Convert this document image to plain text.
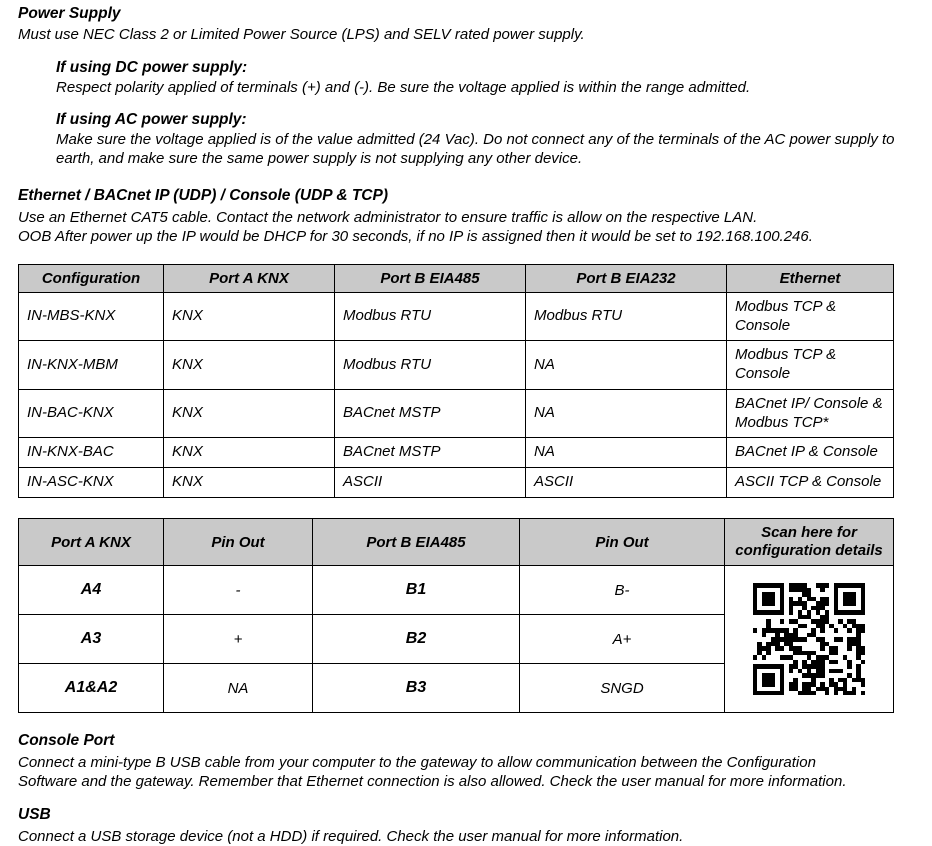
Power Supply
Must use NEC Class 2 or Limited Power Source (LPS) and SELV rated power supply.
If using DC power supply:
Respect polarity applied of terminals (+) and (-). Be sure the voltage applied is within the range admitted.
If using AC power supply:
Make sure the voltage applied is of the value admitted (24 Vac). Do not connect any of the terminals of the AC power supply to earth, and make sure the same power supply is not supplying any other device.
Ethernet / BACnet IP (UDP) / Console (UDP & TCP)
Use an Ethernet CAT5 cable. Contact the network administrator to ensure traffic is allow on the respective LAN.
OOB After power up the IP would be DHCP for 30 seconds, if no IP is assigned then it would be set to 192.168.100.246.
Configuration	Port A KNX	Port B EIA485	Port B EIA232	Ethernet
IN-MBS-KNX	KNX	Modbus RTU	Modbus RTU	Modbus TCP & Console
IN-KNX-MBM	KNX	Modbus RTU	NA	Modbus TCP & Console
IN-BAC-KNX	KNX	BACnet MSTP	NA	BACnet IP/ Console & Modbus TCP*
IN-KNX-BAC	KNX	BACnet MSTP	NA	BACnet IP & Console
IN-ASC-KNX	KNX	ASCII	ASCII	ASCII TCP & Console
Port A KNX	Pin Out	Port B EIA485	Pin Out	Scan here for
configuration details
A4	-	B1	B-	

A3	+	B2	A+	
A1&A2	NA	B3	SNGD	
Console Port
Connect a mini-type B USB cable from your computer to the gateway to allow communication between the Configuration
Software and the gateway. Remember that Ethernet connection is also allowed. Check the user manual for more information.
USB
Connect a USB storage device (not a HDD) if required. Check the user manual for more information.
